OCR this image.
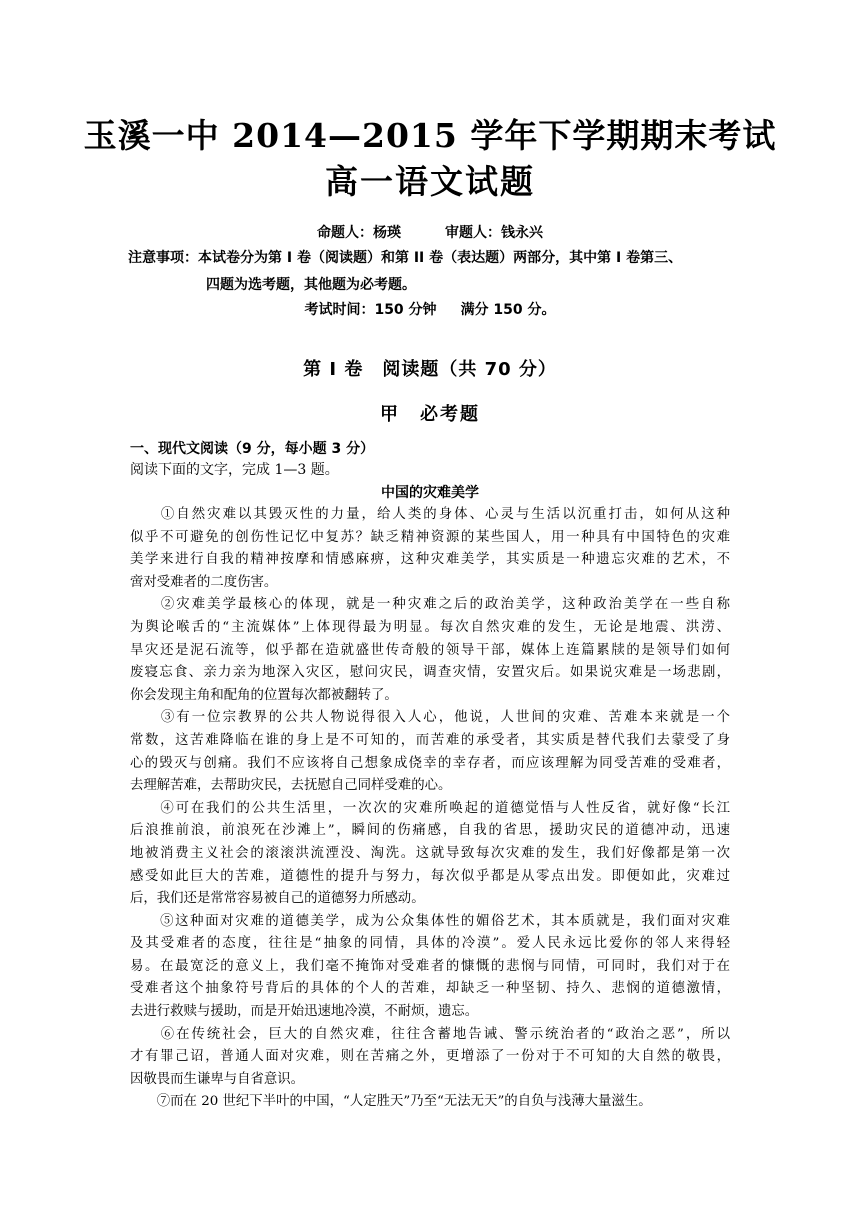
玉溪一中 2014—2015 学年下学期期末考试
高一语文试题
命题人：杨瑛	审题人：钱永兴
注意事项：本试卷分为第 I 卷（阅读题）和第 II 卷（表达题）两部分，其中第 I 卷第三、
四题为选考题，其他题为必考题。
考试时间：150 分钟 满分 150 分。
第 I 卷　阅读题（共 70 分）
甲　必考题
一、现代文阅读（9 分，每小题 3 分）
阅读下面的文字，完成 1—3 题。
中国的灾难美学
　　①自然灾难以其毁灭性的力量，给人类的身体、心灵与生活以沉重打击，如何从这种
似乎不可避免的创伤性记忆中复苏？缺乏精神资源的某些国人，用一种具有中国特色的灾难
美学来进行自我的精神按摩和情感麻痹，这种灾难美学，其实质是一种遗忘灾难的艺术，不
啻对受难者的二度伤害。
　　②灾难美学最核心的体现，就是一种灾难之后的政治美学，这种政治美学在一些自称
为舆论喉舌的“主流媒体”上体现得最为明显。每次自然灾难的发生，无论是地震、洪涝、
旱灾还是泥石流等，似乎都在造就盛世传奇般的领导干部，媒体上连篇累牍的是领导们如何
废寝忘食、亲力亲为地深入灾区，慰问灾民，调查灾情，安置灾后。如果说灾难是一场悲剧，
你会发现主角和配角的位置每次都被翻转了。
　　③有一位宗教界的公共人物说得很入人心，他说，人世间的灾难、苦难本来就是一个
常数，这苦难降临在谁的身上是不可知的，而苦难的承受者，其实质是替代我们去蒙受了身
心的毁灭与创痛。我们不应该将自己想象成侥幸的幸存者，而应该理解为同受苦难的受难者，
去理解苦难，去帮助灾民，去抚慰自己同样受难的心。
　　④可在我们的公共生活里，一次次的灾难所唤起的道德觉悟与人性反省，就好像“长江
后浪推前浪，前浪死在沙滩上”，瞬间的伤痛感，自我的省思，援助灾民的道德冲动，迅速
地被消费主义社会的滚滚洪流湮没、淘洗。这就导致每次灾难的发生，我们好像都是第一次
感受如此巨大的苦难，道德性的提升与努力，每次似乎都是从零点出发。即便如此，灾难过
后，我们还是常常容易被自己的道德努力所感动。
　　⑤这种面对灾难的道德美学，成为公众集体性的媚俗艺术，其本质就是，我们面对灾难
及其受难者的态度，往往是“抽象的同情，具体的冷漠”。爱人民永远比爱你的邻人来得轻
易。在最宽泛的意义上，我们毫不掩饰对受难者的慷慨的悲悯与同情，可同时，我们对于在
受难者这个抽象符号背后的具体的个人的苦难，却缺乏一种坚韧、持久、悲悯的道德激情，
去进行救赎与援助，而是开始迅速地冷漠，不耐烦，遗忘。
　　⑥在传统社会，巨大的自然灾难，往往含蓄地告诫、警示统治者的“政治之恶”，所以
才有罪己诏，普通人面对灾难，则在苦痛之外，更增添了一份对于不可知的大自然的敬畏，
因敬畏而生谦卑与自省意识。
　　⑦而在 20 世纪下半叶的中国，“人定胜天”乃至“无法无天”的自负与浅薄大量滋生。
